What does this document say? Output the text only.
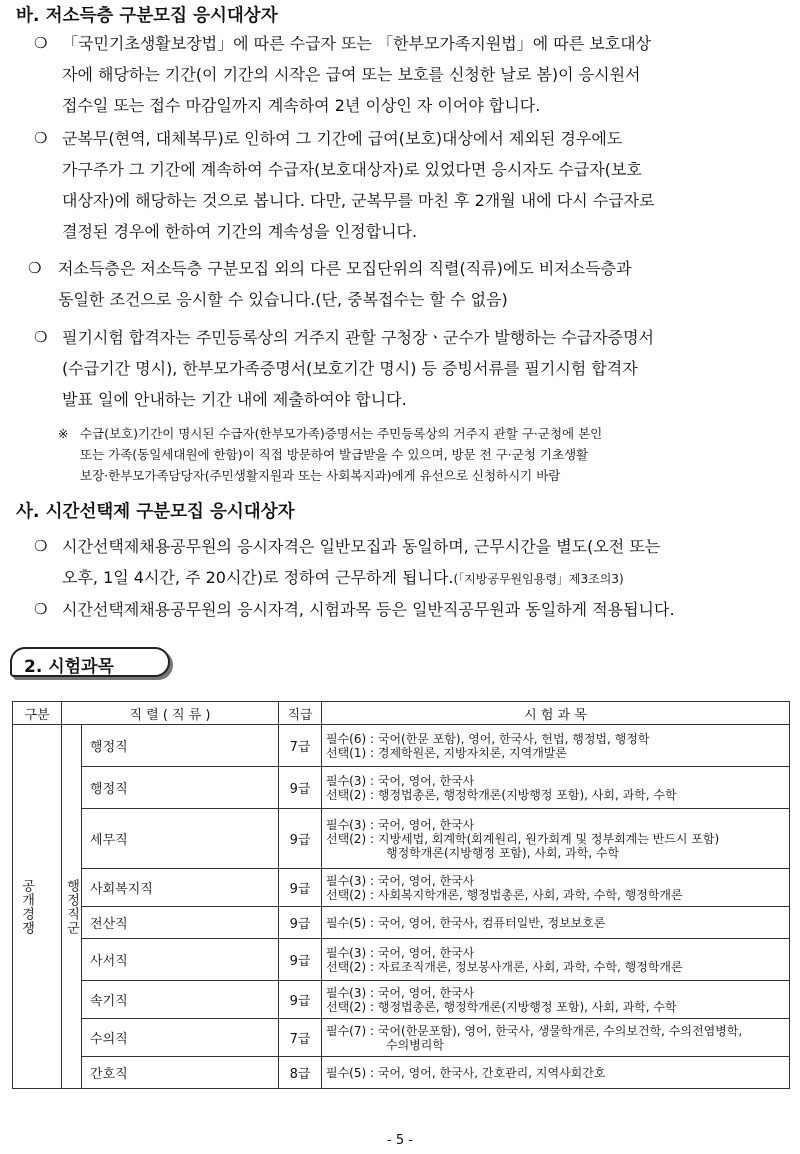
바. 저소득층 구분모집 응시대상자
❍ 「국민기초생활보장법」에 따른 수급자 또는 「한부모가족지원법」에 따른 보호대상

자에 해당하는 기간(이 기간의 시작은 급여 또는 보호를 신청한 날로 봄)이 응시원서

접수일 또는 접수 마감일까지 계속하여 2년 이상인 자 이어야 합니다.

❍ 군복무(현역, 대체복무)로 인하여 그 기간에 급여(보호)대상에서 제외된 경우에도

가구주가 그 기간에 계속하여 수급자(보호대상자)로 있었다면 응시자도 수급자(보호

대상자)에 해당하는 것으로 봅니다. 다만, 군복무를 마친 후 2개월 내에 다시 수급자로

결정된 경우에 한하여 기간의 계속성을 인정합니다.

❍ 저소득층은 저소득층 구분모집 외의 다른 모집단위의 직렬(직류)에도 비저소득층과

동일한 조건으로 응시할 수 있습니다.(단, 중복접수는 할 수 없음)

❍ 필기시험 합격자는 주민등록상의 거주지 관할 구청장ㆍ군수가 발행하는 수급자증명서

(수급기간 명시), 한부모가족증명서(보호기간 명시) 등 증빙서류를 필기시험 합격자

발표 일에 안내하는 기간 내에 제출하여야 합니다.

※ 수급(보호)기간이 명시된 수급자(한부모가족)증명서는 주민등록상의 거주지 관할 구·군청에 본인

또는 가족(동일세대원에 한함)이 직접 방문하여 발급받을 수 있으며, 방문 전 구·군청 기초생활

보장·한부모가족담당자(주민생활지원과 또는 사회복지과)에게 유선으로 신청하시기 바람

사. 시간선택제 구분모집 응시대상자
❍ 시간선택제채용공무원의 응시자격은 일반모집과 동일하며, 근무시간을 별도(오전 또는

오후, 1일 4시간, 주 20시간)로 정하여 근무하게 됩니다.(「지방공무원임용령」제3조의3)

❍ 시간선택제채용공무원의 응시자격, 시험과목 등은 일반직공무원과 동일하게 적용됩니다.

2. 시험과목
구분	직 렬 ( 직 류 )		직급	시 험 과 목

공개경쟁	행정직군	행정직	7급	필수(6) : 국어(한문 포함), 영어, 한국사, 헌법, 행정법, 행정학
선택(1) : 경제학원론, 지방자치론, 지역개발론

		행정직	9급	필수(3) : 국어, 영어, 한국사
선택(2) : 행정법총론, 행정학개론(지방행정 포함), 사회, 과학, 수학

		세무직	9급	필수(3) : 국어, 영어, 한국사
선택(2) : 지방세법, 회계학(회계원리, 원가회계 및 정부회계는 반드시 포함)
　　　　　행정학개론(지방행정 포함), 사회, 과학, 수학

		사회복지직	9급	필수(3) : 국어, 영어, 한국사
선택(2) : 사회복지학개론, 행정법총론, 사회, 과학, 수학, 행정학개론

		전산직	9급	필수(5) : 국어, 영어, 한국사, 컴퓨터일반, 정보보호론

		사서직	9급	필수(3) : 국어, 영어, 한국사
선택(2) : 자료조직개론, 정보봉사개론, 사회, 과학, 수학, 행정학개론

		속기직	9급	필수(3) : 국어, 영어, 한국사
선택(2) : 행정법총론, 행정학개론(지방행정 포함), 사회, 과학, 수학

		수의직	7급	필수(7) : 국어(한문포함), 영어, 한국사, 생물학개론, 수의보건학, 수의전염병학,
　　　　　수의병리학

		간호직	8급	필수(5) : 국어, 영어, 한국사, 간호관리, 지역사회간호
- 5 -
